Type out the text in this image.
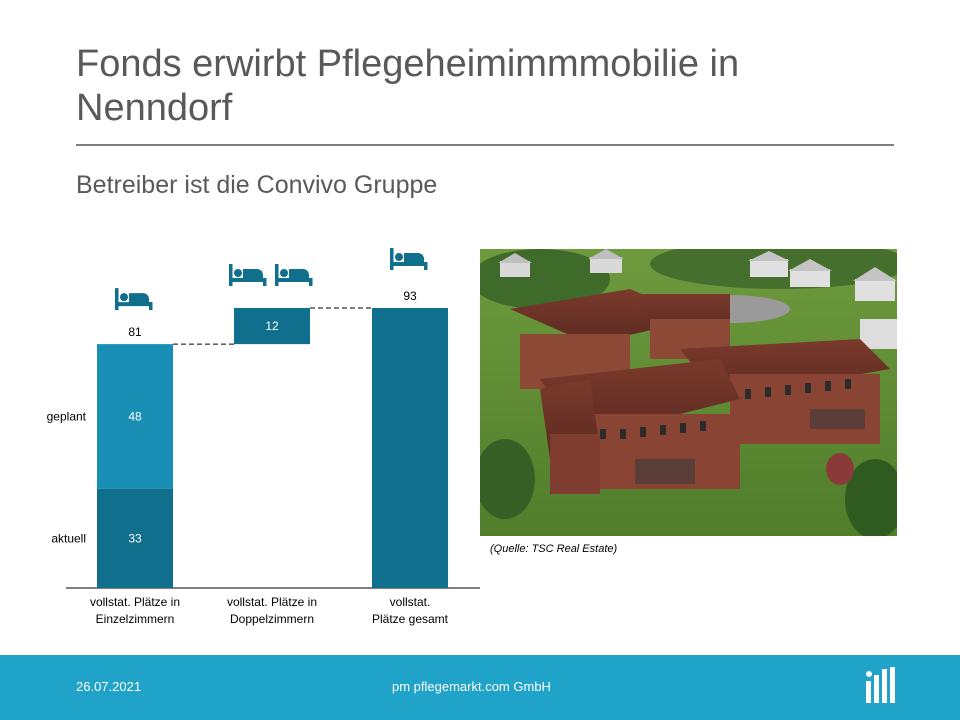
Fonds erwirbt Pflegeheimimmmobilie in Nenndorf
Betreiber ist die Convivo Gruppe
33
48
81
aktuell
geplant
12
93
vollstat. Plätze in
Einzelzimmern
vollstat. Plätze in
Doppelzimmern
vollstat.
Plätze gesamt
(Quelle: TSC Real Estate)
26.07.2021	pm pflegemarkt.com GmbH
